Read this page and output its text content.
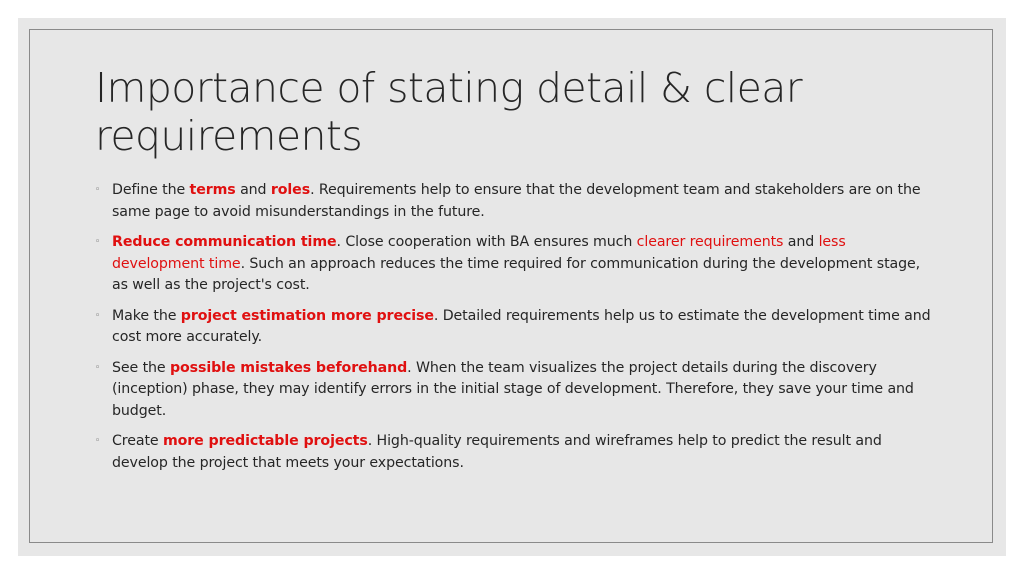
Importance of stating detail & clear requirements
◦ Define the terms and roles. Requirements help to ensure that the development team and stakeholders are on the same page to avoid misunderstandings in the future.
◦ Reduce communication time. Close cooperation with BA ensures much clearer requirements and less development time. Such an approach reduces the time required for communication during the development stage, as well as the project's cost.
◦ Make the project estimation more precise. Detailed requirements help us to estimate the development time and cost more accurately.
◦ See the possible mistakes beforehand. When the team visualizes the project details during the discovery (inception) phase, they may identify errors in the initial stage of development. Therefore, they save your time and budget.
◦ Create more predictable projects. High-quality requirements and wireframes help to predict the result and develop the project that meets your expectations.
